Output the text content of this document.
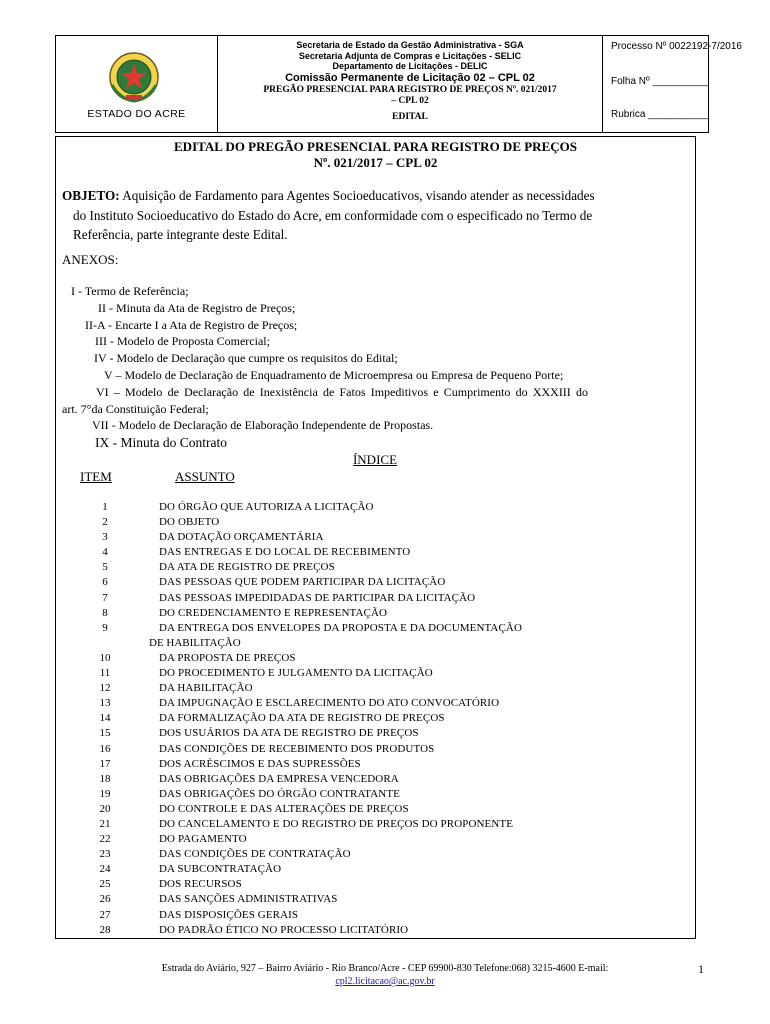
ESTADO DO ACRE
Secretaria de Estado da Gestão Administrativa - SGA
Secretaria Adjunta de Compras e Licitações - SELIC
Departamento de Licitações - DELIC
Comissão Permanente de Licitação 02 – CPL 02
PREGÃO PRESENCIAL PARA REGISTRO DE PREÇOS Nº. 021/2017
– CPL 02
EDITAL
Processo Nº 0022192-7/2016
Folha Nº __________
Rubrica ___________
EDITAL DO PREGÃO PRESENCIAL PARA REGISTRO DE PREÇOS
Nº. 021/2017 – CPL 02
OBJETO: Aquisição de Fardamento para Agentes Socioeducativos, visando atender as necessidades
do Instituto Socioeducativo do Estado do Acre, em conformidade com o especificado no Termo de
Referência, parte integrante deste Edital.
ANEXOS:
I - Termo de Referência;
II - Minuta da Ata de Registro de Preços;
II-A - Encarte I a Ata de Registro de Preços;
III - Modelo de Proposta Comercial;
IV - Modelo de Declaração que cumpre os requisitos do Edital;
V – Modelo de Declaração de Enquadramento de Microempresa ou Empresa de Pequeno Porte;
VI – Modelo de Declaração de Inexistência de Fatos Impeditivos e Cumprimento do XXXIII do
art. 7°da Constituição Federal;
VII - Modelo de Declaração de Elaboração Independente de Propostas.
IX - Minuta do Contrato
ÍNDICE
ITEM	ASSUNTO
1	DO ÓRGÃO QUE AUTORIZA A LICITAÇÃO
2	DO OBJETO
3	DA DOTAÇÃO ORÇAMENTÁRIA
4	DAS ENTREGAS E DO LOCAL DE RECEBIMENTO
5	DA ATA DE REGISTRO DE PREÇOS
6	DAS PESSOAS QUE PODEM PARTICIPAR DA LICITAÇÃO
7	DAS PESSOAS IMPEDIDADAS DE PARTICIPAR DA LICITAÇÃO
8	DO CREDENCIAMENTO E REPRESENTAÇÃO
9	DA ENTREGA DOS ENVELOPES DA PROPOSTA E DA DOCUMENTAÇÃO
DE HABILITAÇÃO
10	DA PROPOSTA DE PREÇOS
11	DO PROCEDIMENTO E JULGAMENTO DA LICITAÇÃO
12	DA HABILITAÇÃO
13	DA IMPUGNAÇÃO E ESCLARECIMENTO DO ATO CONVOCATÓRIO
14	DA FORMALIZAÇÃO DA ATA DE REGISTRO DE PREÇOS
15	DOS USUÁRIOS DA ATA DE REGISTRO DE PREÇOS
16	DAS CONDIÇÕES DE RECEBIMENTO DOS PRODUTOS
17	DOS ACRÉSCIMOS E DAS SUPRESSÕES
18	DAS OBRIGAÇÕES DA EMPRESA VENCEDORA
19	DAS OBRIGAÇÕES DO ÓRGÃO CONTRATANTE
20	DO CONTROLE E DAS ALTERAÇÕES DE PREÇOS
21	DO CANCELAMENTO E DO REGISTRO DE PREÇOS DO PROPONENTE
22	DO PAGAMENTO
23	DAS CONDIÇÕES DE CONTRATAÇÃO
24	DA SUBCONTRATAÇÃO
25	DOS RECURSOS
26	DAS SANÇÕES ADMINISTRATIVAS
27	DAS DISPOSIÇÕES GERAIS
28	DO PADRÃO ÉTICO NO PROCESSO LICITATÓRIO
Estrada do Aviário, 927 – Bairro Aviário - Rio Branco/Acre - CEP 69900-830 Telefone:068) 3215-4600 E-mail:
cpl2.licitacao@ac.gov.br
1
